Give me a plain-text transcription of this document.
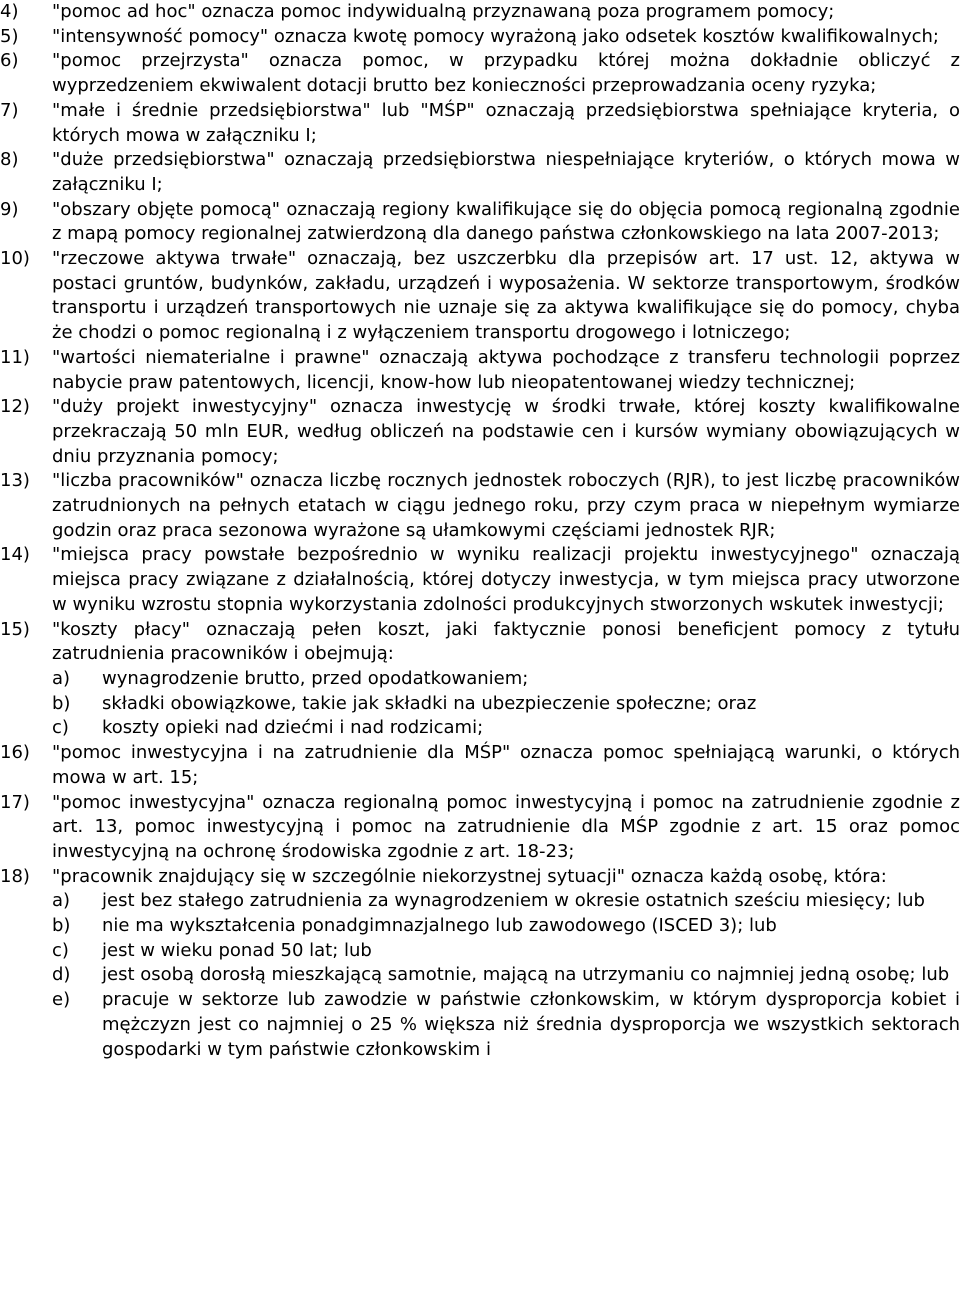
4)	"pomoc ad hoc" oznacza pomoc indywidualną przyznawaną poza programem pomocy;

5)	"intensywność pomocy" oznacza kwotę pomocy wyrażoną jako odsetek kosztów kwalifikowalnych;

6)	"pomoc przejrzysta" oznacza pomoc, w przypadku której można dokładnie obliczyć z wyprzedzeniem ekwiwalent dotacji brutto bez konieczności przeprowadzania oceny ryzyka;

7)	"małe i średnie przedsiębiorstwa" lub "MŚP" oznaczają przedsiębiorstwa spełniające kryteria, o których mowa w załączniku I;

8)	"duże przedsiębiorstwa" oznaczają przedsiębiorstwa niespełniające kryteriów, o których mowa w załączniku I;

9)	"obszary objęte pomocą" oznaczają regiony kwalifikujące się do objęcia pomocą regionalną zgodnie z mapą pomocy regionalnej zatwierdzoną dla danego państwa członkowskiego na lata 2007-2013;

10)	"rzeczowe aktywa trwałe" oznaczają, bez uszczerbku dla przepisów art. 17 ust. 12, aktywa w postaci gruntów, budynków, zakładu, urządzeń i wyposażenia. W sektorze transportowym, środków transportu i urządzeń transportowych nie uznaje się za aktywa kwalifikujące się do pomocy, chyba że chodzi o pomoc regionalną i z wyłączeniem transportu drogowego i lotniczego;

11)	"wartości niematerialne i prawne" oznaczają aktywa pochodzące z transferu technologii poprzez nabycie praw patentowych, licencji, know-how lub nieopatentowanej wiedzy technicznej;

12)	"duży projekt inwestycyjny" oznacza inwestycję w środki trwałe, której koszty kwalifikowalne przekraczają 50 mln EUR, według obliczeń na podstawie cen i kursów wymiany obowiązujących w dniu przyznania pomocy;

13)	"liczba pracowników" oznacza liczbę rocznych jednostek roboczych (RJR), to jest liczbę pracowników zatrudnionych na pełnych etatach w ciągu jednego roku, przy czym praca w niepełnym wymiarze godzin oraz praca sezonowa wyrażone są ułamkowymi częściami jednostek RJR;

14)	"miejsca pracy powstałe bezpośrednio w wyniku realizacji projektu inwestycyjnego" oznaczają miejsca pracy związane z działalnością, której dotyczy inwestycja, w tym miejsca pracy utworzone w wyniku wzrostu stopnia wykorzystania zdolności produkcyjnych stworzonych wskutek inwestycji;

15)	"koszty płacy" oznaczają pełen koszt, jaki faktycznie ponosi beneficjent pomocy z tytułu zatrudnienia pracowników i obejmują:

a)	wynagrodzenie brutto, przed opodatkowaniem;

b)	składki obowiązkowe, takie jak składki na ubezpieczenie społeczne; oraz

c)	koszty opieki nad dziećmi i nad rodzicami;

16)	"pomoc inwestycyjna i na zatrudnienie dla MŚP" oznacza pomoc spełniającą warunki, o których mowa w art. 15;

17)	"pomoc inwestycyjna" oznacza regionalną pomoc inwestycyjną i pomoc na zatrudnienie zgodnie z art. 13, pomoc inwestycyjną i pomoc na zatrudnienie dla MŚP zgodnie z art. 15 oraz pomoc inwestycyjną na ochronę środowiska zgodnie z art. 18-23;

18)	"pracownik znajdujący się w szczególnie niekorzystnej sytuacji" oznacza każdą osobę, która:

a)	jest bez stałego zatrudnienia za wynagrodzeniem w okresie ostatnich sześciu miesięcy; lub

b)	nie ma wykształcenia ponadgimnazjalnego lub zawodowego (ISCED 3); lub

c)	jest w wieku ponad 50 lat; lub

d)	jest osobą dorosłą mieszkającą samotnie, mającą na utrzymaniu co najmniej jedną osobę; lub

e)	pracuje w sektorze lub zawodzie w państwie członkowskim, w którym dysproporcja kobiet i mężczyzn jest co najmniej o 25 % większa niż średnia dysproporcja we wszystkich sektorach gospodarki w tym państwie członkowskim i
